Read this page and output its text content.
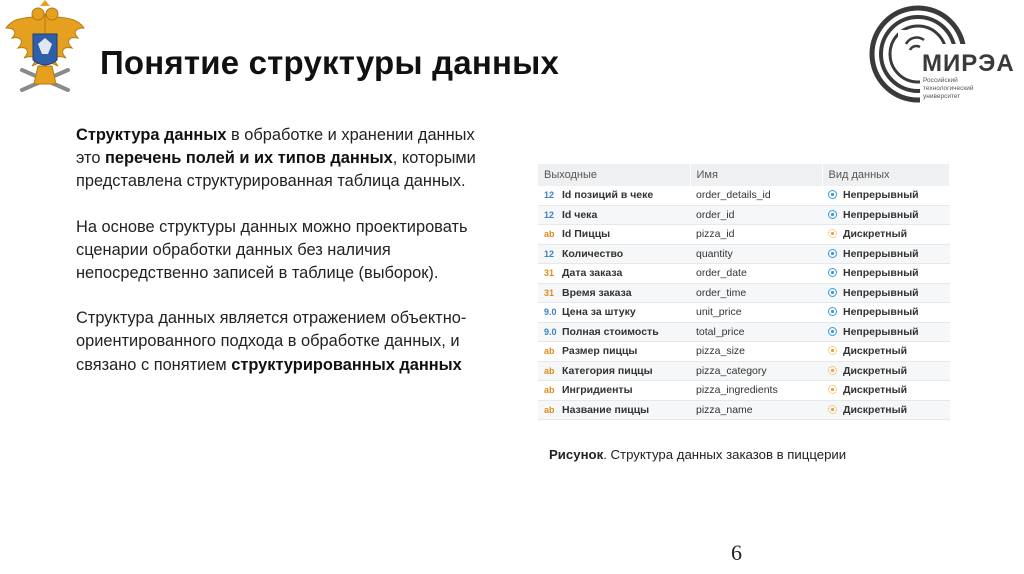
Понятие структуры данных	МИРЭА
Российский
технологический
университет

Структура данных в обработке и хранении данных это перечень полей и их типов данных, которыми представлена структурированная таблица данных.

На основе структуры данных можно проектировать сценарии обработки данных без наличия непосредственно записей в таблице (выборок).

Структура данных является отражением объектно-ориентированного подхода в обработке данных, и связано с понятием структурированных данных

Выходные	Имя	Вид данных
12 Id позиций в чеке	order_details_id	Непрерывный
12 Id чека	order_id	Непрерывный
ab Id Пиццы	pizza_id	Дискретный
12 Количество	quantity	Непрерывный
31 Дата заказа	order_date	Непрерывный
31 Время заказа	order_time	Непрерывный
9.0 Цена за штуку	unit_price	Непрерывный
9.0 Полная стоимость	total_price	Непрерывный
ab Размер пиццы	pizza_size	Дискретный
ab Категория пиццы	pizza_category	Дискретный
ab Ингридиенты	pizza_ingredients	Дискретный
ab Название пиццы	pizza_name	Дискретный
Рисунок. Структура данных заказов в пиццерии
6
